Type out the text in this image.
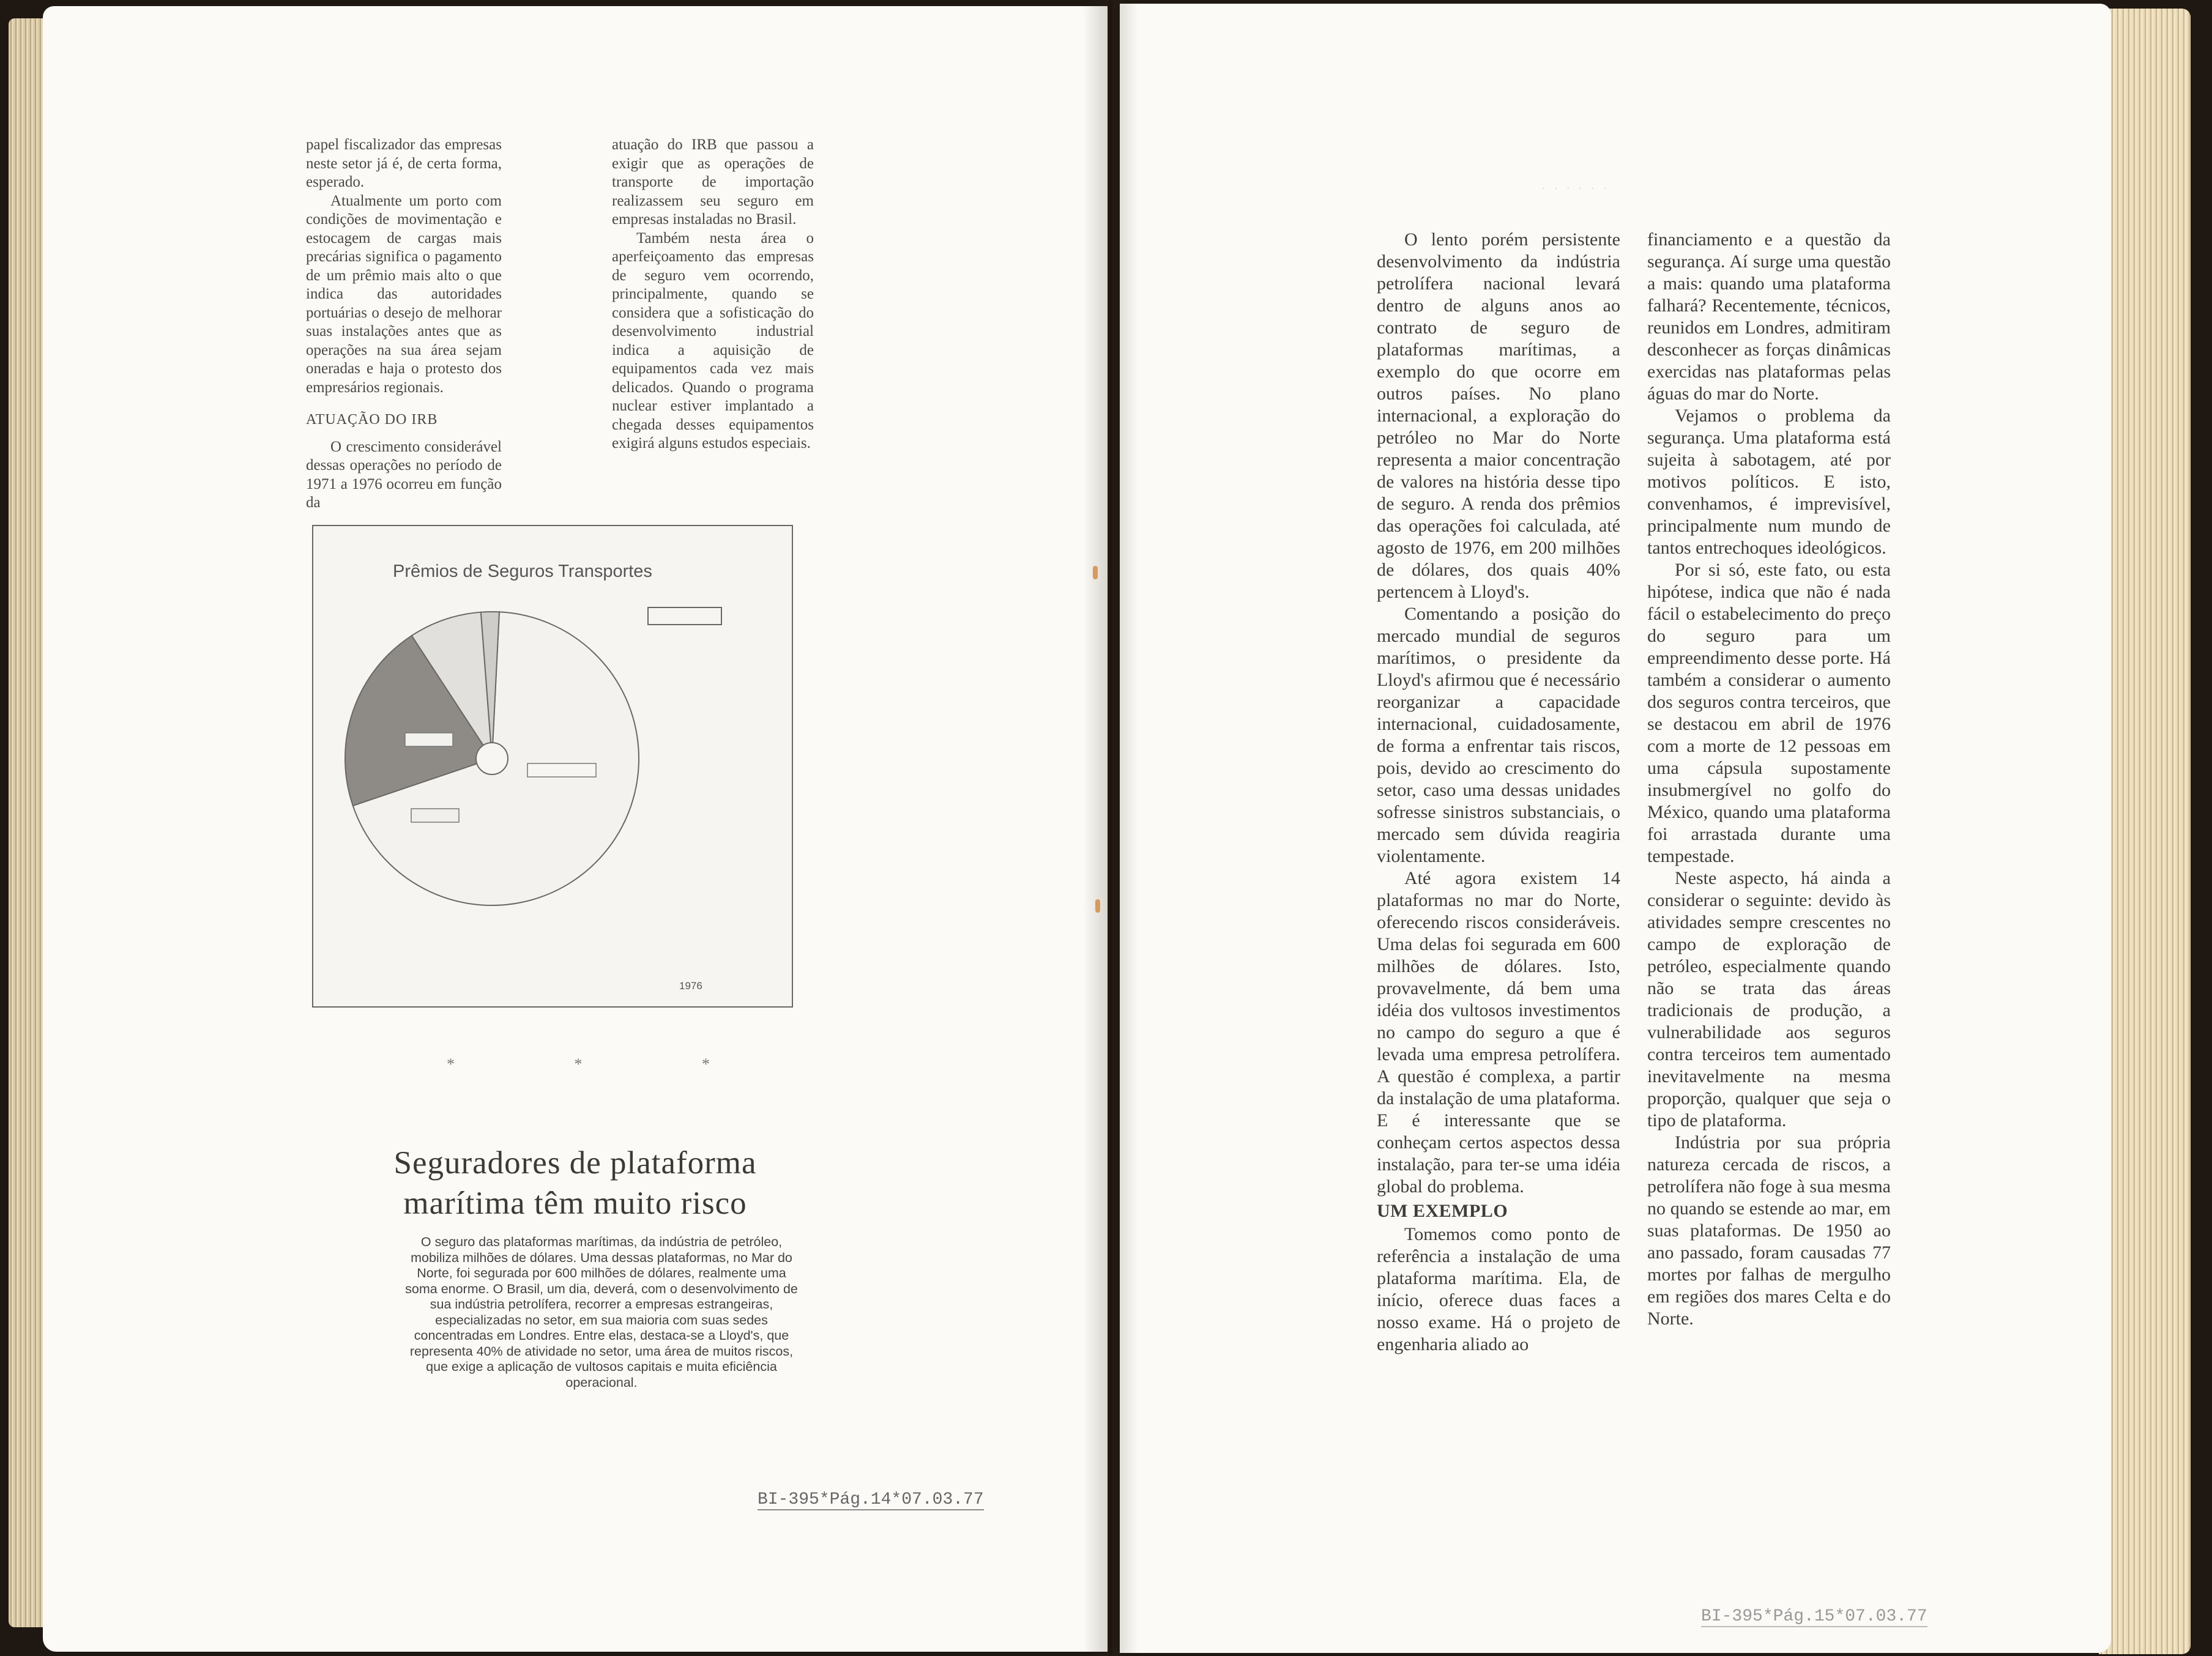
papel fiscalizador das empresas neste setor já é, de certa forma, esperado.

Atualmente um porto com condições de movimentação e estocagem de cargas mais precárias significa o pagamento de um prêmio mais alto o que indica das autoridades portuárias o desejo de melhorar suas instalações antes que as operações na sua área sejam oneradas e haja o protesto dos empresários regionais.

ATUAÇÃO DO IRB

O crescimento considerável dessas operações no período de 1971 a 1976 ocorreu em função da

atuação do IRB que passou a exigir que as operações de transporte de importação realizassem seu seguro em empresas instaladas no Brasil.

Também nesta área o aperfeiçoamento das empresas de seguro vem ocorrendo, principalmente, quando se considera que a sofisticação do desenvolvimento industrial indica a aquisição de equipamentos cada vez mais delicados. Quando o programa nuclear estiver implantado a chegada desses equipamentos exigirá alguns estudos especiais.

O lento porém persistente desenvolvimento da indústria petrolífera nacional levará dentro de alguns anos ao contrato de seguro de plataformas marítimas, a exemplo do que ocorre em outros países. No plano internacional, a exploração do petróleo no Mar do Norte representa a maior concentração de valores na história desse tipo de seguro. A renda dos prêmios das operações foi calculada, até agosto de 1976, em 200 milhões de dólares, dos quais 40% pertencem à Lloyd's.

Comentando a posição do mercado mundial de seguros marítimos, o presidente da Lloyd's afirmou que é necessário reorganizar a capacidade internacional, cuidadosamente, de forma a enfrentar tais riscos, pois, devido ao crescimento do setor, caso uma dessas unidades sofresse sinistros substanciais, o mercado sem dúvida reagiria violentamente.

Até agora existem 14 plataformas no mar do Norte, oferecendo riscos consideráveis. Uma delas foi segurada em 600 milhões de dólares. Isto, provavelmente, dá bem uma idéia dos vultosos investimentos no campo do seguro a que é levada uma empresa petrolífera. A questão é complexa, a partir da instalação de uma plataforma. E é interessante que se conheçam certos aspectos dessa instalação, para ter-se uma idéia global do problema.

UM EXEMPLO

Tomemos como ponto de referência a instalação de uma plataforma marítima. Ela, de início, oferece duas faces a nosso exame. Há o projeto de engenharia aliado ao

financiamento e a questão da segurança. Aí surge uma questão a mais: quando uma plataforma falhará? Recentemente, técnicos, reunidos em Londres, admitiram desconhecer as forças dinâmicas exercidas nas plataformas pelas águas do mar do Norte.

Vejamos o problema da segurança. Uma plataforma está sujeita à sabotagem, até por motivos políticos. E isto, convenhamos, é imprevisível, principalmente num mundo de tantos entrechoques ideológicos.

Por si só, este fato, ou esta hipótese, indica que não é nada fácil o estabelecimento do preço do seguro para um empreendimento desse porte. Há também a considerar o aumento dos seguros contra terceiros, que se destacou em abril de 1976 com a morte de 12 pessoas em uma cápsula supostamente insubmergível no golfo do México, quando uma plataforma foi arrastada durante uma tempestade.

Neste aspecto, há ainda a considerar o seguinte: devido às atividades sempre crescentes no campo de exploração de petróleo, especialmente quando não se trata das áreas tradicionais de produção, a vulnerabilidade aos seguros contra terceiros tem aumentado inevitavelmente na mesma proporção, qualquer que seja o tipo de plataforma.

Indústria por sua própria natureza cercada de riscos, a petrolífera não foge à sua mesma no quando se estende ao mar, em suas plataformas. De 1950 ao ano passado, foram causadas 77 mortes por falhas de mergulho em regiões dos mares Celta e do Norte.

Prêmios de Seguros Transportes
1976
*	*	*
Seguradores de plataforma
marítima têm muito risco
O seguro das plataformas marítimas, da indústria de petróleo, mobiliza milhões de dólares. Uma dessas plataformas, no Mar do Norte, foi segurada por 600 milhões de dólares, realmente uma soma enorme. O Brasil, um dia, deverá, com o desenvolvimento de sua indústria petrolífera, recorrer a empresas estrangeiras, especializadas no setor, em sua maioria com suas sedes concentradas em Londres. Entre elas, destaca-se a Lloyd's, que representa 40% de atividade no setor, uma área de muitos riscos, que exige a aplicação de vultosos capitais e muita eficiência operacional.
BI-395*Pág.14*07.03.77
BI-395*Pág.15*07.03.77
· · · · · ·
